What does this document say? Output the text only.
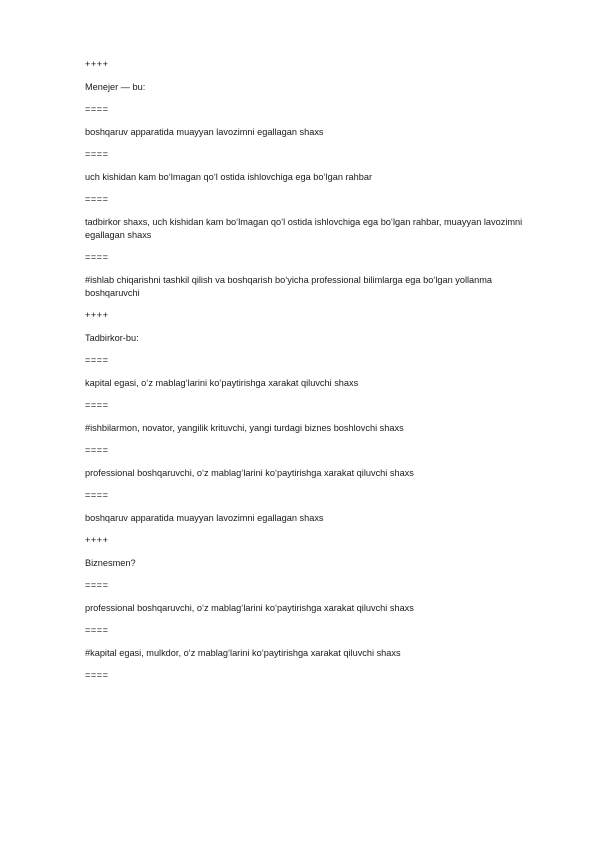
++++

Menejer — bu:

====

boshqaruv apparatida muayyan lavozimni egallagan shaxs

====

uch kishidan kam boʻlmagan qoʻl ostida ishlovchiga ega boʻlgan rahbar

====

tadbirkor shaxs, uch kishidan kam boʻlmagan qoʻl ostida ishlovchiga ega boʻlgan rahbar, muayyan lavozimni egallagan shaxs

====

#ishlab chiqarishni tashkil qilish va boshqarish boʻyicha professional bilimlarga ega boʻlgan yollanma boshqaruvchi

++++

Tadbirkor-bu:

====

kapital egasi, oʻz mablagʻlarini koʻpaytirishga xarakat qiluvchi shaxs

====

#ishbilarmon, novator, yangilik krituvchi, yangi turdagi biznes boshlovchi shaxs

====

professional boshqaruvchi, oʻz mablagʻlarini koʻpaytirishga xarakat qiluvchi shaxs

====

boshqaruv apparatida muayyan lavozimni egallagan shaxs

++++

Biznesmen?

====

professional boshqaruvchi, oʻz mablagʻlarini koʻpaytirishga xarakat qiluvchi shaxs

====

#kapital egasi, mulkdor, oʻz mablagʻlarini koʻpaytirishga xarakat qiluvchi shaxs

====
